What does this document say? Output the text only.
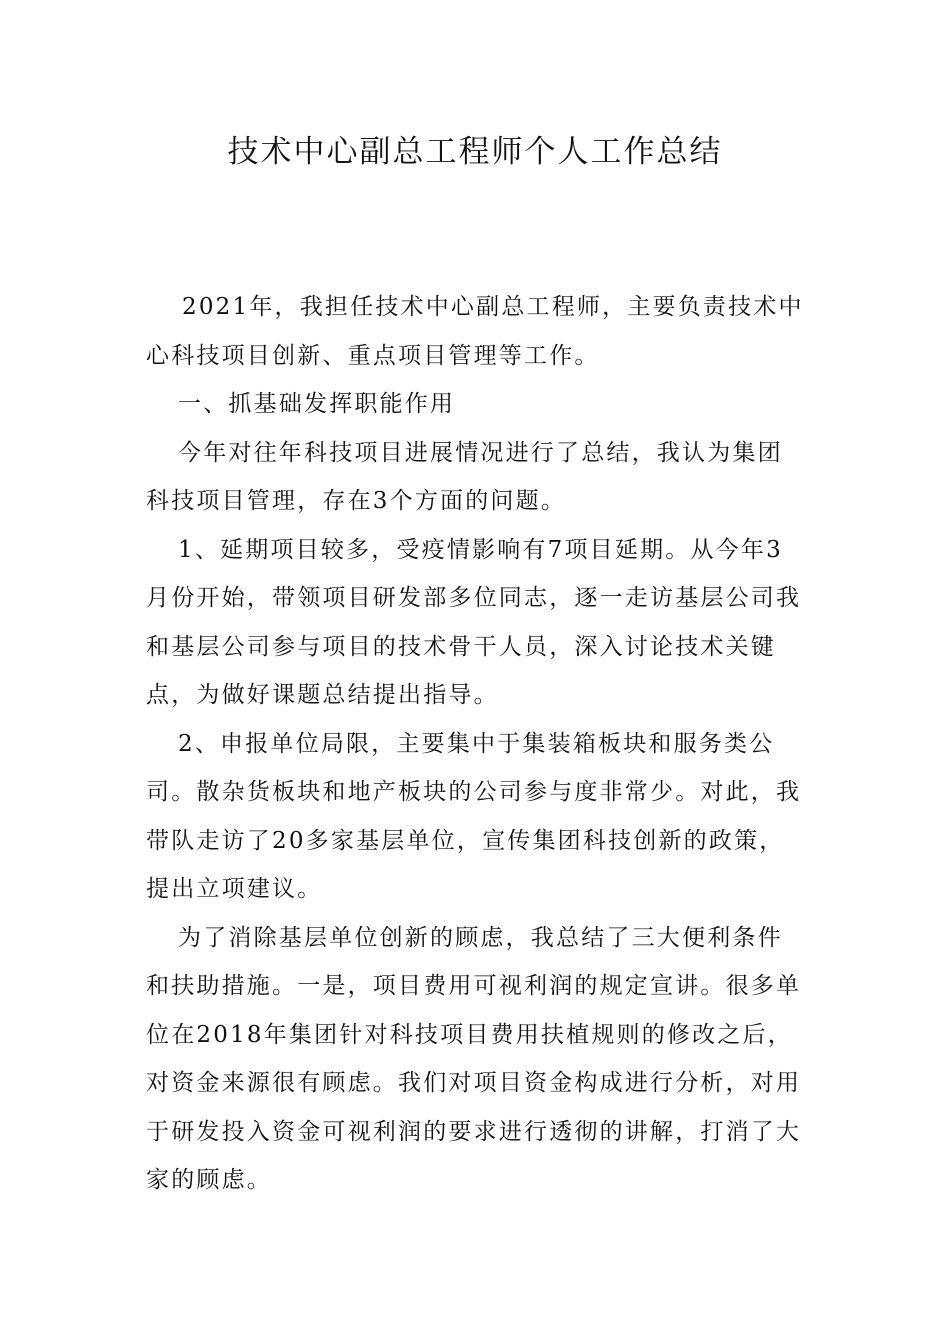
技术中心副总工程师个人工作总结

2021年，我担任技术中心副总工程师，主要负责技术中心科技项目创新、重点项目管理等工作。

一、抓基础发挥职能作用

今年对往年科技项目进展情况进行了总结，我认为集团科技项目管理，存在3个方面的问题。

1、延期项目较多，受疫情影响有7项目延期。从今年3月份开始，带领项目研发部多位同志，逐一走访基层公司我和基层公司参与项目的技术骨干人员，深入讨论技术关键点，为做好课题总结提出指导。

2、申报单位局限，主要集中于集装箱板块和服务类公司。散杂货板块和地产板块的公司参与度非常少。对此，我带队走访了20多家基层单位，宣传集团科技创新的政策，提出立项建议。

为了消除基层单位创新的顾虑，我总结了三大便利条件和扶助措施。一是，项目费用可视利润的规定宣讲。很多单位在2018年集团针对科技项目费用扶植规则的修改之后，对资金来源很有顾虑。我们对项目资金构成进行分析，对用于研发投入资金可视利润的要求进行透彻的讲解，打消了大家的顾虑。
